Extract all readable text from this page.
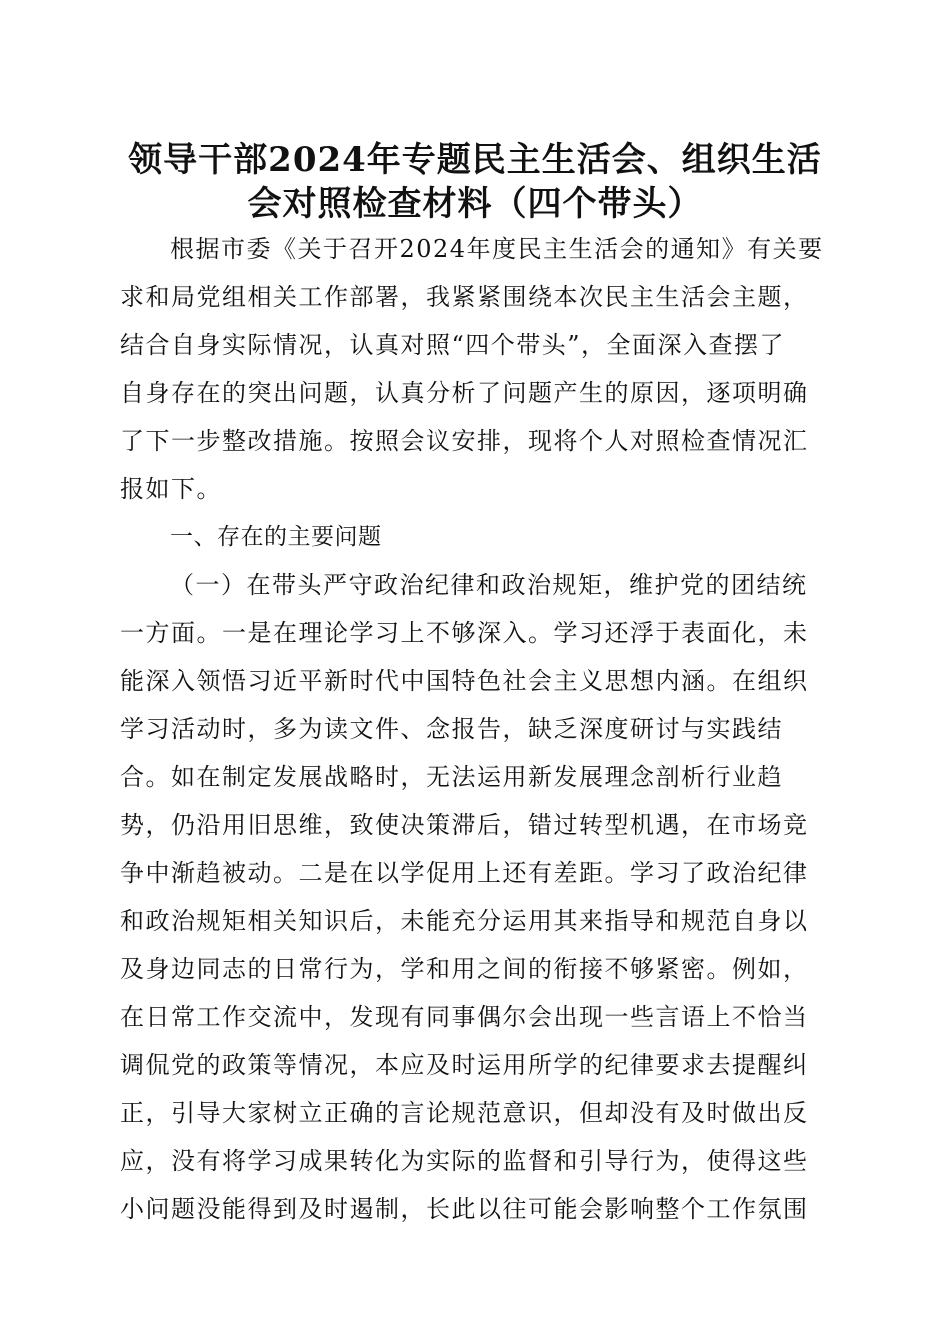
领导干部2024年专题民主生活会、组织生活
会对照检查材料（四个带头）
根据市委《关于召开2024年度民主生活会的通知》有关要
求和局党组相关工作部署，我紧紧围绕本次民主生活会主题，
结合自身实际情况，认真对照“四个带头”，全面深入查摆了
自身存在的突出问题，认真分析了问题产生的原因，逐项明确
了下一步整改措施。按照会议安排，现将个人对照检查情况汇
报如下。
一、存在的主要问题
（一）在带头严守政治纪律和政治规矩，维护党的团结统
一方面。一是在理论学习上不够深入。学习还浮于表面化，未
能深入领悟习近平新时代中国特色社会主义思想内涵。在组织
学习活动时，多为读文件、念报告，缺乏深度研讨与实践结
合。如在制定发展战略时，无法运用新发展理念剖析行业趋
势，仍沿用旧思维，致使决策滞后，错过转型机遇，在市场竞
争中渐趋被动。二是在以学促用上还有差距。学习了政治纪律
和政治规矩相关知识后，未能充分运用其来指导和规范自身以
及身边同志的日常行为，学和用之间的衔接不够紧密。例如，
在日常工作交流中，发现有同事偶尔会出现一些言语上不恰当
调侃党的政策等情况，本应及时运用所学的纪律要求去提醒纠
正，引导大家树立正确的言论规范意识，但却没有及时做出反
应，没有将学习成果转化为实际的监督和引导行为，使得这些
小问题没能得到及时遏制，长此以往可能会影响整个工作氛围
